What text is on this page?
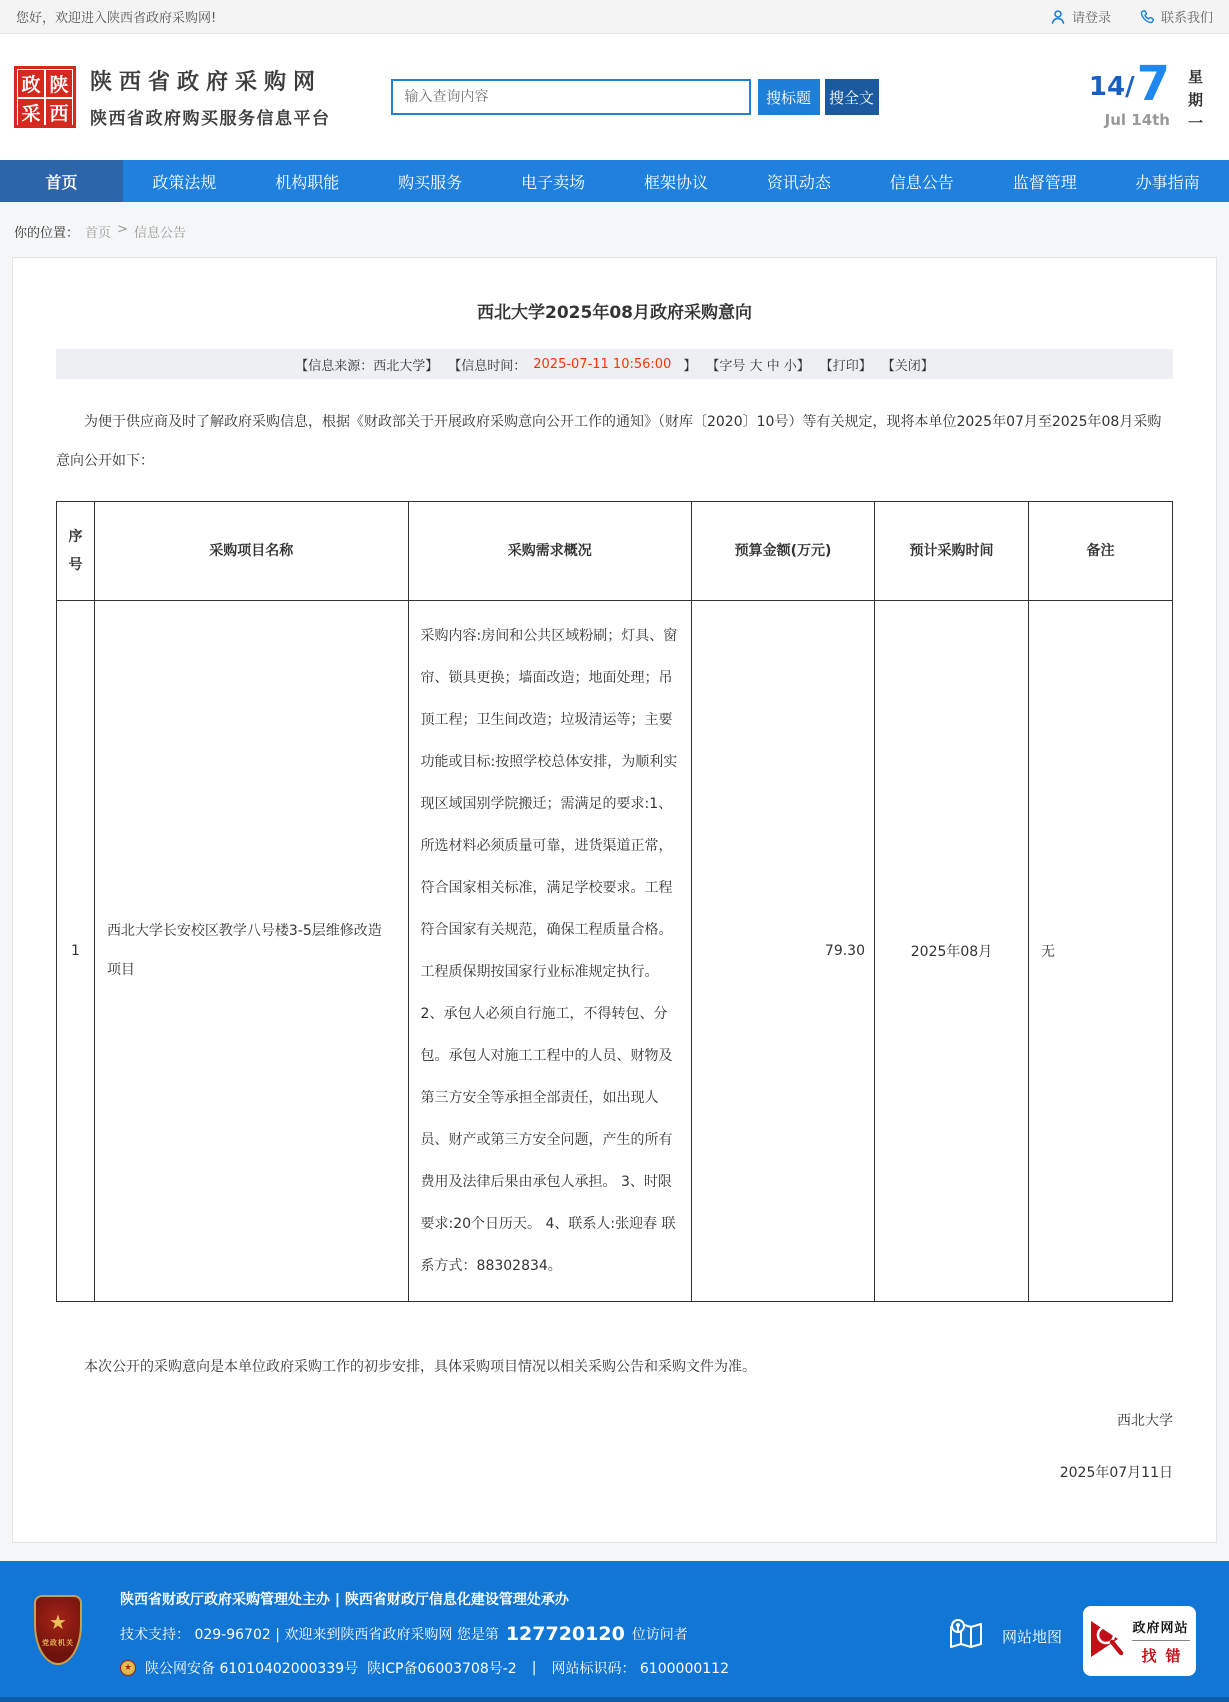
您好，欢迎进入陕西省政府采购网!	请登录	联系我们
政 陕
采 西
陕西省政府采购网
陕西省政府购买服务信息平台
输入查询内容
搜标题	搜全文	14/ 7
Jul 14th
星期一
首页	政策法规	机构职能	购买服务	电子卖场	框架协议	资讯动态	信息公告	监督管理	办事指南
你的位置： 首页 > 信息公告
西北大学2025年08月政府采购意向
【信息来源：西北大学】 【信息时间： 2025-07-11 10:56:00 】 【字号 大 中 小】 【打印】 【关闭】

为便于供应商及时了解政府采购信息，根据《财政部关于开展政府采购意向公开工作的通知》（财库〔2020〕10号）等有关规定，现将本单位2025年07月至2025年08月采购意向公开如下：

序号	采购项目名称	采购需求概况	预算金额(万元)	预计采购时间	备注
1	西北大学长安校区教学八号楼3-5层维修改造项目	采购内容:房间和公共区域粉刷；灯具、窗帘、锁具更换；墙面改造；地面处理；吊顶工程；卫生间改造；垃圾清运等；主要功能或目标:按照学校总体安排，为顺利实现区域国别学院搬迁；需满足的要求:1、所选材料必须质量可靠，进货渠道正常，符合国家相关标准，满足学校要求。工程符合国家有关规范，确保工程质量合格。工程质保期按国家行业标准规定执行。 2、承包人必须自行施工，不得转包、分包。承包人对施工工程中的人员、财物及第三方安全等承担全部责任，如出现人员、财产或第三方安全问题，产生的所有费用及法律后果由承包人承担。 3、时限要求:20个日历天。 4、联系人:张迎春 联系方式：88302834。	79.30	2025年08月	无

本次公开的采购意向是本单位政府采购工作的初步安排，具体采购项目情况以相关采购公告和采购文件为准。

西北大学
2025年07月11日
★
党政机关
陕西省财政厅政府采购管理处主办 | 陕西省财政厅信息化建设管理处承办
技术支持： 029-96702 | 欢迎来到陕西省政府采购网 您是第 127720120 位访问者
★ 陕公网安备 61010402000339号 陕ICP备06003708号-2 | 网站标识码： 6100000112
网站地图	政府网站
找错
